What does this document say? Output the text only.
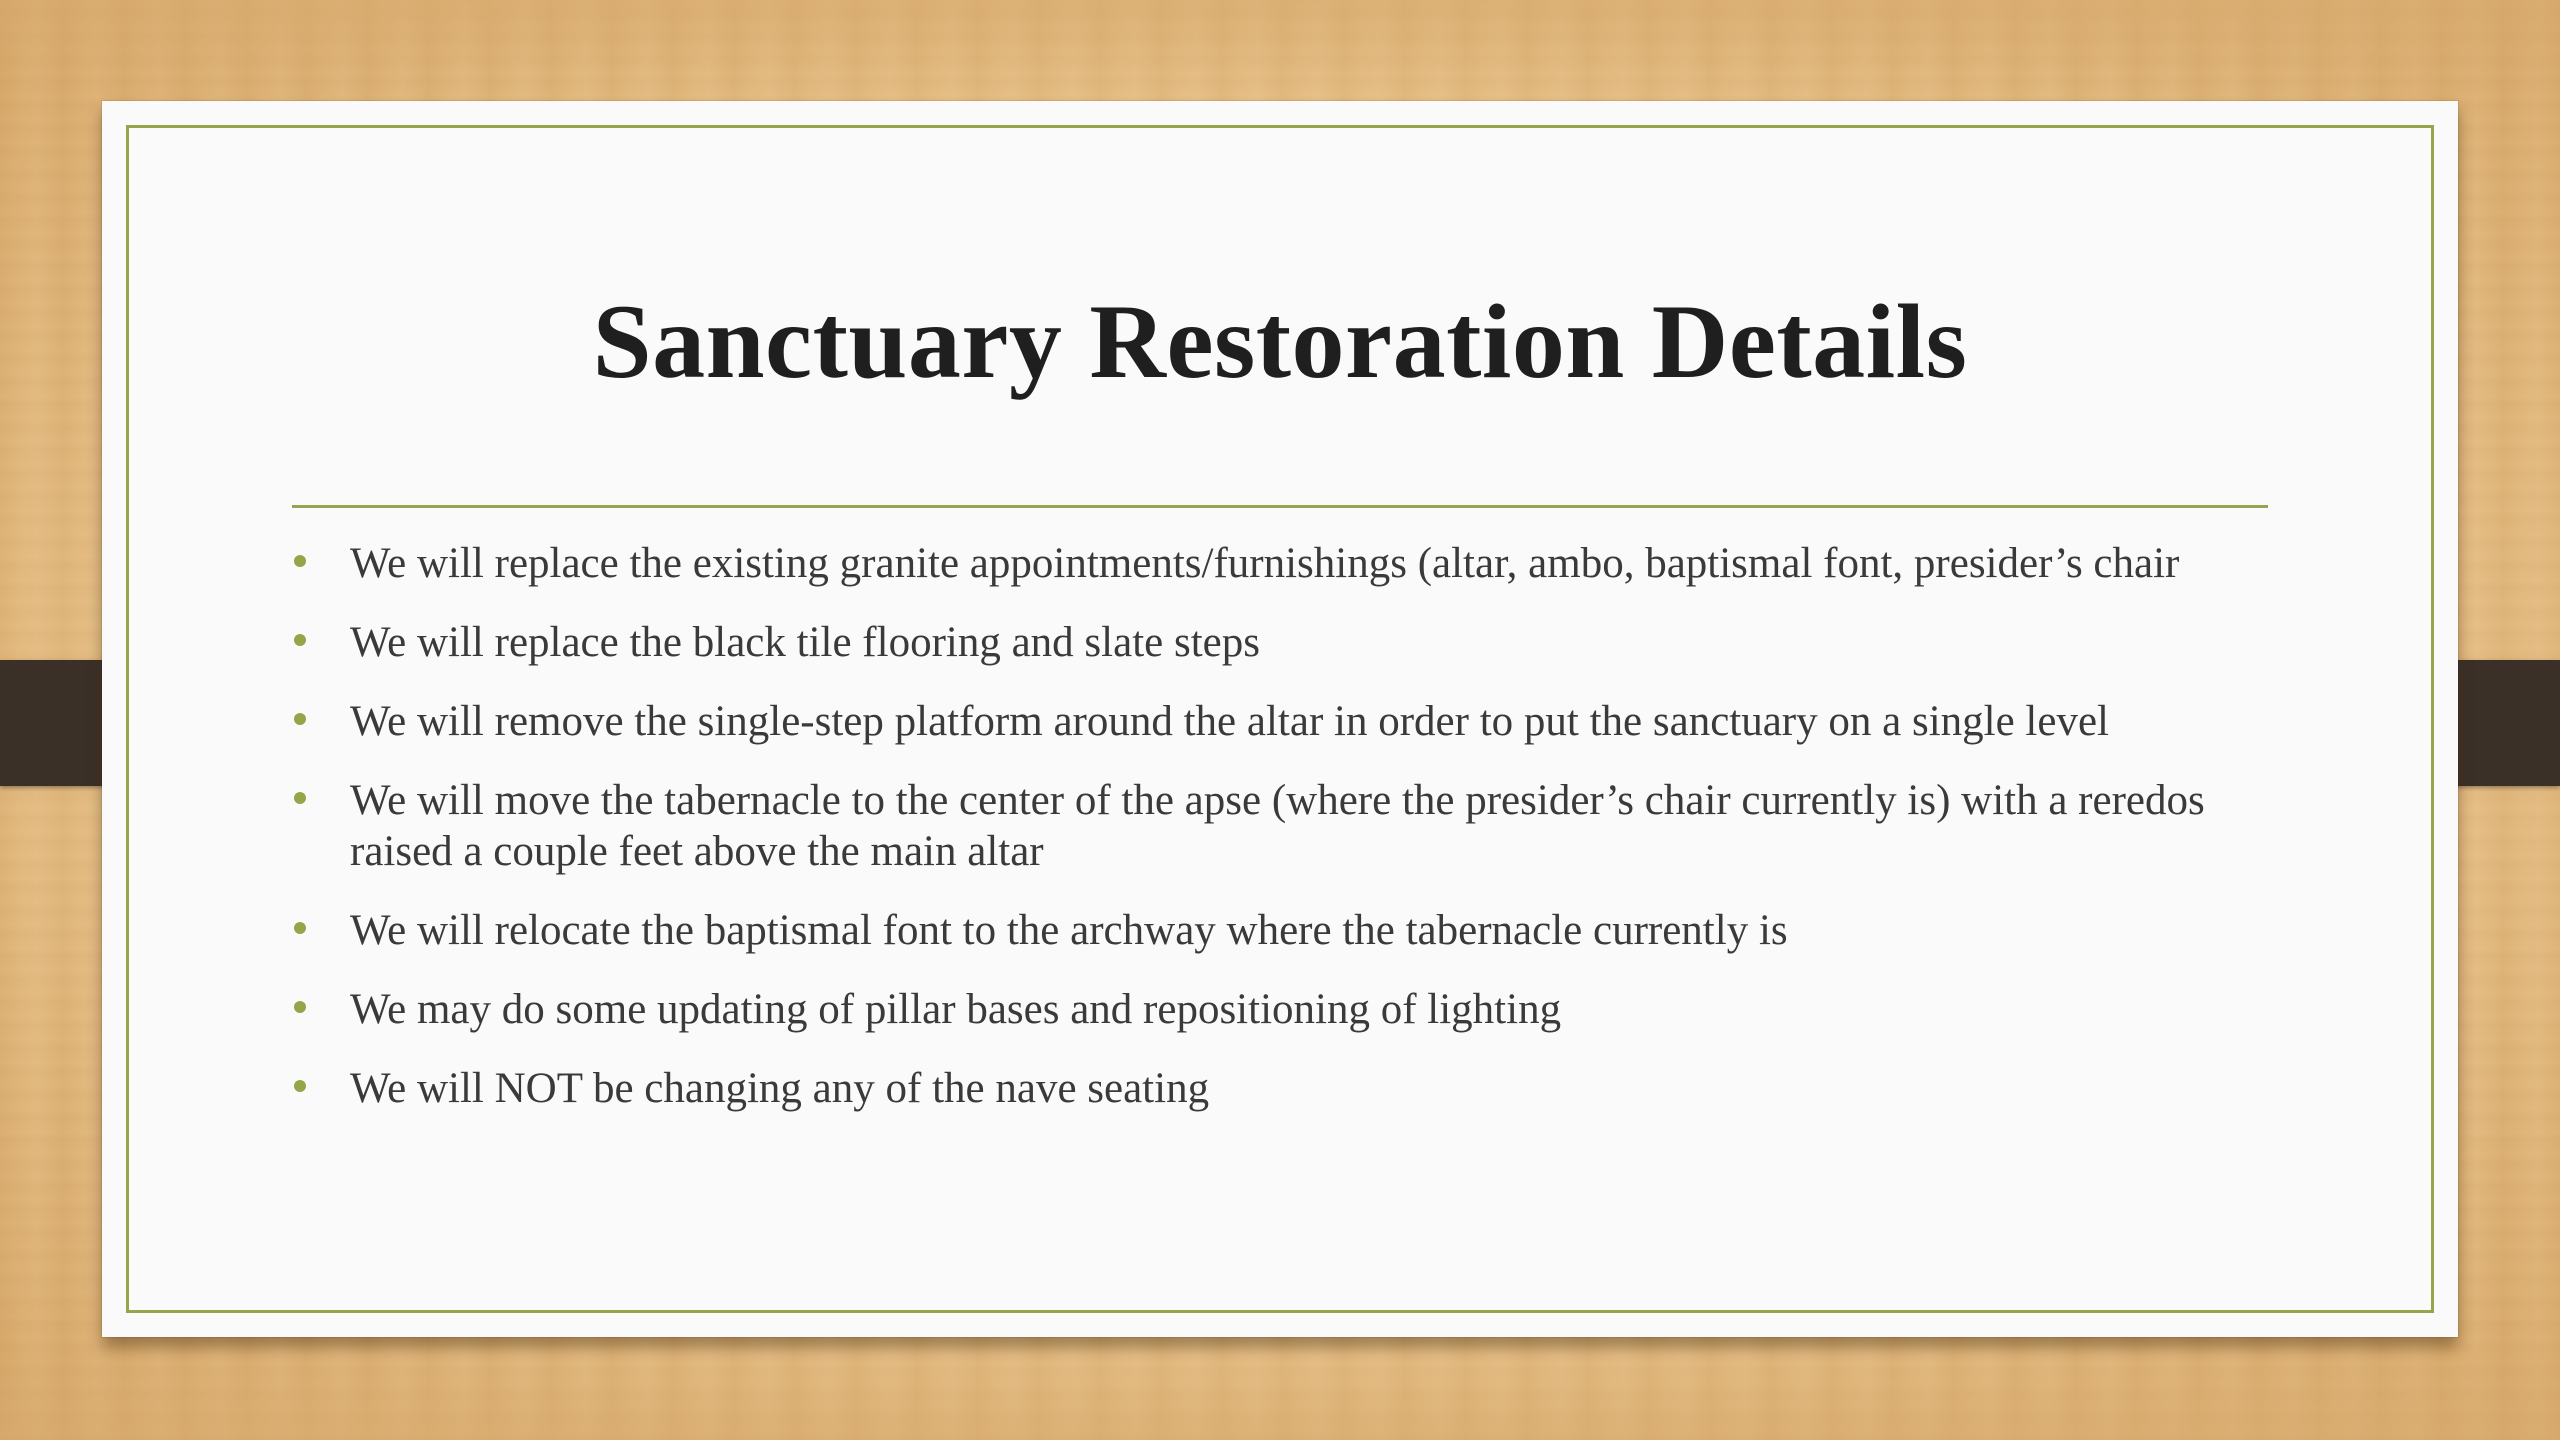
Sanctuary Restoration Details
We will replace the existing granite appointments/furnishings (altar, ambo, baptismal font, presider’s chair
We will replace the black tile flooring and slate steps
We will remove the single-step platform around the altar in order to put the sanctuary on a single level
We will move the tabernacle to the center of the apse (where the presider’s chair currently is) with a reredos raised a couple feet above the main altar
We will relocate the baptismal font to the archway where the tabernacle currently is
We may do some updating of pillar bases and repositioning of lighting
We will NOT be changing any of the nave seating
